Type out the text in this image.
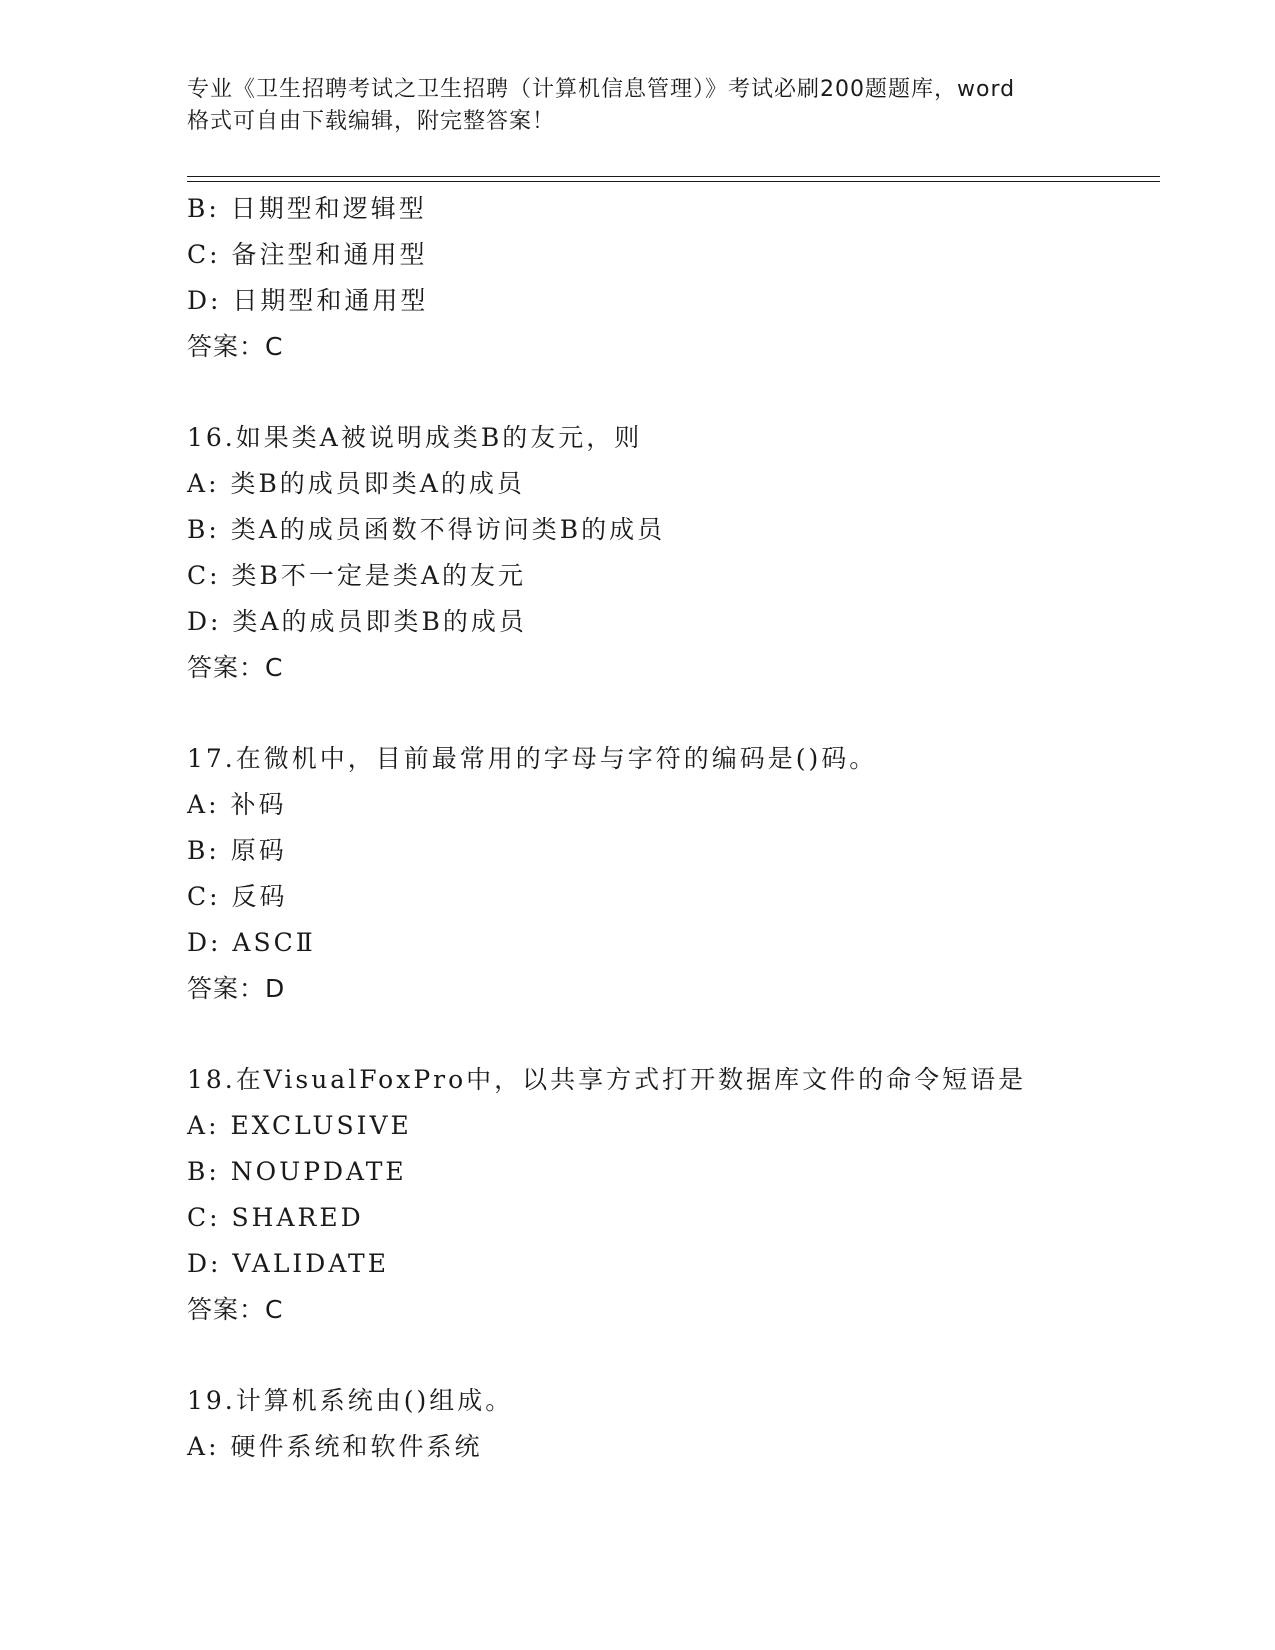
专业《卫生招聘考试之卫生招聘（计算机信息管理）》考试必刷200题题库，word
格式可自由下载编辑，附完整答案！
B: 日期型和逻辑型
C: 备注型和通用型
D: 日期型和通用型
答案：C
16.如果类A被说明成类B的友元，则
A: 类B的成员即类A的成员
B: 类A的成员函数不得访问类B的成员
C: 类B不一定是类A的友元
D: 类A的成员即类B的成员
答案：C
17.在微机中，目前最常用的字母与字符的编码是()码。
A: 补码
B: 原码
C: 反码
D: ASCⅡ
答案：D
18.在VisualFoxPro中，以共享方式打开数据库文件的命令短语是
A: EXCLUSIVE
B: NOUPDATE
C: SHARED
D: VALIDATE
答案：C
19.计算机系统由()组成。
A: 硬件系统和软件系统
